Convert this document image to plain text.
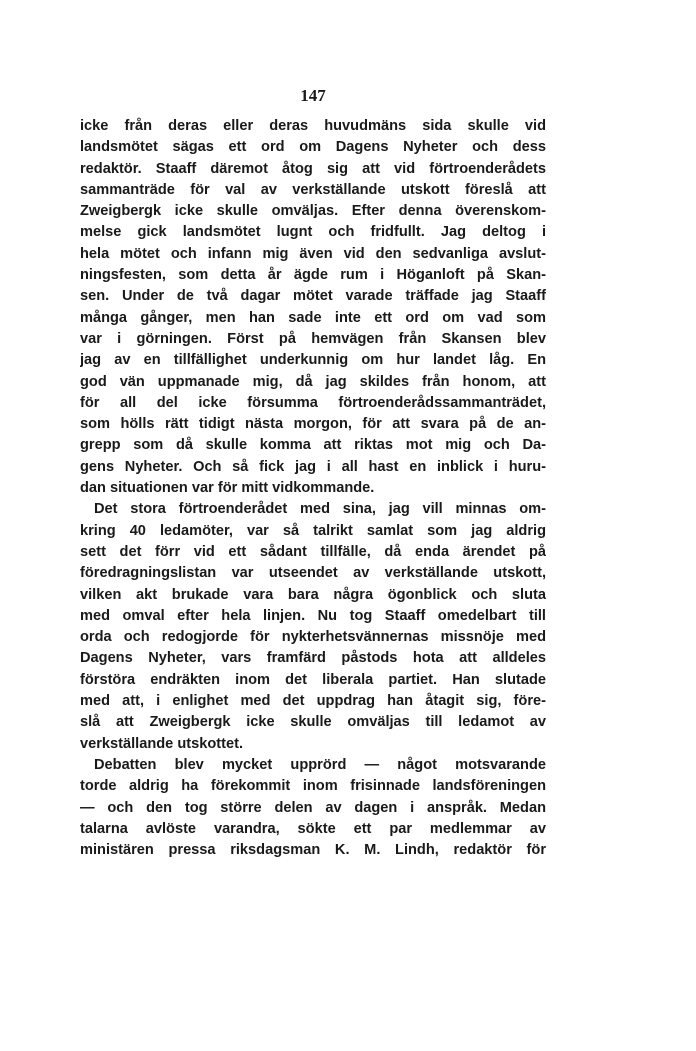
147
icke från deras eller deras huvudmäns sida skulle vid
landsmötet sägas ett ord om Dagens Nyheter och dess
redaktör. Staaff däremot åtog sig att vid förtroenderådets
sammanträde för val av verkställande utskott föreslå att
Zweigbergk icke skulle omväljas. Efter denna överenskom-
melse gick landsmötet lugnt och fridfullt. Jag deltog i
hela mötet och infann mig även vid den sedvanliga avslut-
ningsfesten, som detta år ägde rum i Höganloft på Skan-
sen. Under de två dagar mötet varade träffade jag Staaff
många gånger, men han sade inte ett ord om vad som
var i görningen. Först på hemvägen från Skansen blev
jag av en tillfällighet underkunnig om hur landet låg. En
god vän uppmanade mig, då jag skildes från honom, att
för all del icke försumma förtroenderådssammanträdet,
som hölls rätt tidigt nästa morgon, för att svara på de an-
grepp som då skulle komma att riktas mot mig och Da-
gens Nyheter. Och så fick jag i all hast en inblick i huru-
dan situationen var för mitt vidkommande.
Det stora förtroenderådet med sina, jag vill minnas om-
kring 40 ledamöter, var så talrikt samlat som jag aldrig
sett det förr vid ett sådant tillfälle, då enda ärendet på
föredragningslistan var utseendet av verkställande utskott,
vilken akt brukade vara bara några ögonblick och sluta
med omval efter hela linjen. Nu tog Staaff omedelbart till
orda och redogjorde för nykterhetsvännernas missnöje med
Dagens Nyheter, vars framfärd påstods hota att alldeles
förstöra endräkten inom det liberala partiet. Han slutade
med att, i enlighet med det uppdrag han åtagit sig, före-
slå att Zweigbergk icke skulle omväljas till ledamot av
verkställande utskottet.
Debatten blev mycket upprörd — något motsvarande
torde aldrig ha förekommit inom frisinnade landsföreningen
— och den tog större delen av dagen i anspråk. Medan
talarna avlöste varandra, sökte ett par medlemmar av
ministären pressa riksdagsman K. M. Lindh, redaktör för
